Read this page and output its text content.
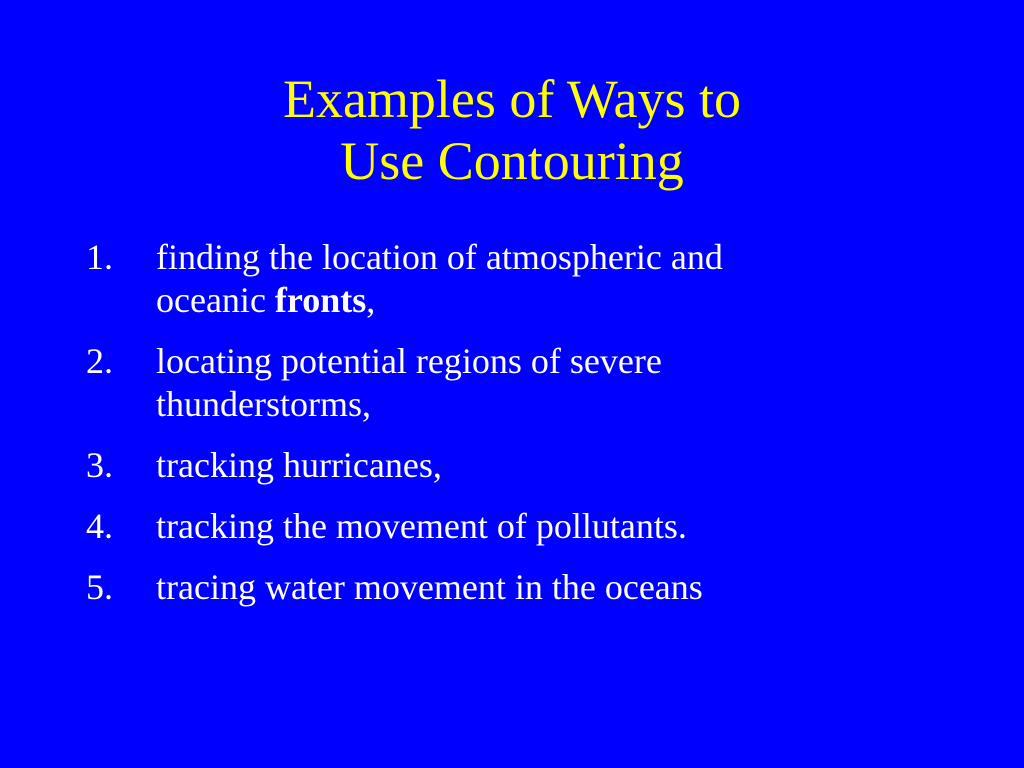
Examples of Ways to
Use Contouring
1. finding the location of atmospheric and
oceanic fronts,
2. locating potential regions of severe
thunderstorms,
3. tracking hurricanes,
4. tracking the movement of pollutants.
5. tracing water movement in the oceans
